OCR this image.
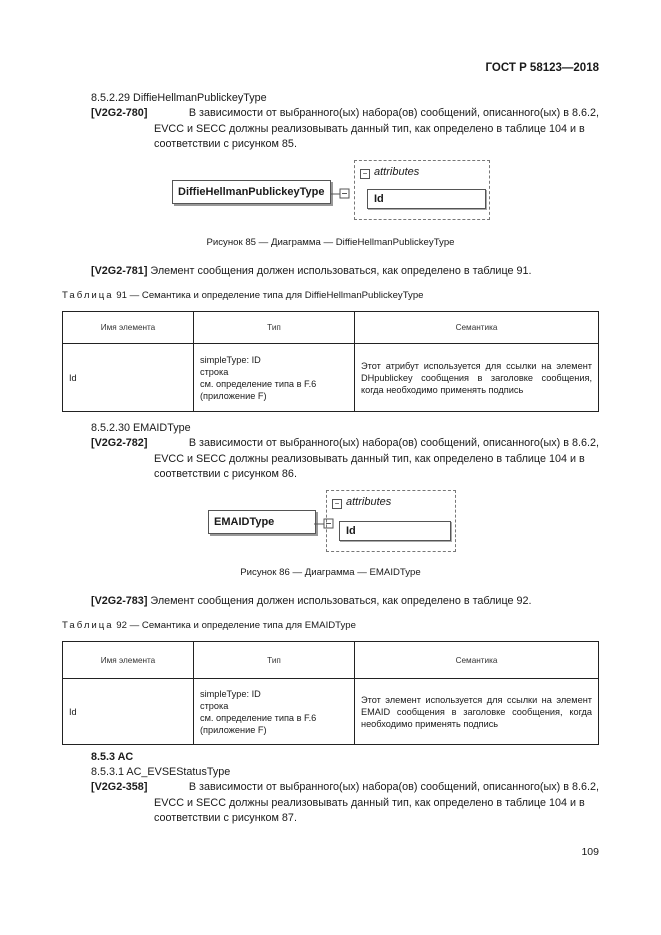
ГОСТ Р 58123—2018
8.5.2.29 DiffieHellmanPublickeyType
[V2G2-780]	В зависимости от выбранного(ых) набора(ов) сообщений, описанного(ых) в 8.6.2,
EVCC и SECC должны реализовывать данный тип, как определено в таблице 104 и в
соответствии с рисунком 85.
DiffieHellmanPublickeyType
− attributes
Id
Рисунок 85 — Диаграмма — DiffieHellmanPublickeyType
[V2G2-781] Элемент сообщения должен использоваться, как определено в таблице 91.
Таблица 91 — Семантика и определение типа для DiffieHellmanPublickeyType
Имя элемента	Тип	Семантика
Id	simpleType: ID
строка
см. определение типа в F.6
(приложение F)	Этот атрибут используется для ссылки на элемент DHpublickey сообщения в заголовке сообщения, когда необходимо применять подпись
8.5.2.30 EMAIDType
[V2G2-782]	В зависимости от выбранного(ых) набора(ов) сообщений, описанного(ых) в 8.6.2,
EVCC и SECC должны реализовывать данный тип, как определено в таблице 104 и в
соответствии с рисунком 86.
EMAIDType
− attributes
Id
Рисунок 86 — Диаграмма — EMAIDType
[V2G2-783] Элемент сообщения должен использоваться, как определено в таблице 92.
Таблица 92 — Семантика и определение типа для EMAIDType
Имя элемента	Тип	Семантика
Id	simpleType: ID
строка
см. определение типа в F.6
(приложение F)	Этот элемент используется для ссылки на элемент EMAID сообщения в заголовке сообщения, когда необходимо применять подпись
8.5.3 AC
8.5.3.1 AC_EVSEStatusType
[V2G2-358]	В зависимости от выбранного(ых) набора(ов) сообщений, описанного(ых) в 8.6.2,
EVCC и SECC должны реализовывать данный тип, как определено в таблице 104 и в
соответствии с рисунком 87.
109
